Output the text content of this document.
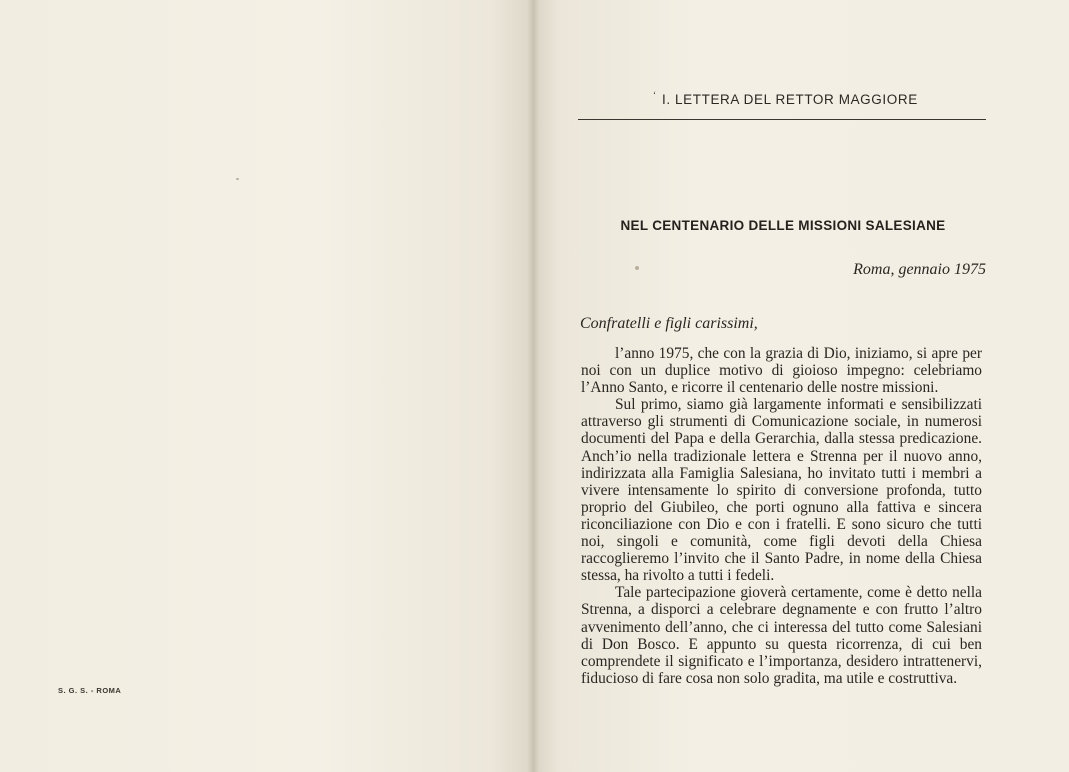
S. G. S. - ROMA
‘ I. LETTERA DEL RETTOR MAGGIORE
NEL CENTENARIO DELLE MISSIONI SALESIANE
Roma, gennaio 1975
Confratelli e figli carissimi,

l’anno 1975, che con la grazia di Dio, iniziamo, si apre per noi con un duplice motivo di gioioso impegno: celebriamo l’Anno Santo, e ricorre il centenario delle nostre missioni.

Sul primo, siamo già largamente informati e sensibilizzati attraverso gli strumenti di Comunicazione sociale, in numerosi documenti del Papa e della Gerarchia, dalla stessa predicazione. Anch’io nella tradizionale lettera e Strenna per il nuovo anno, indirizzata alla Famiglia Salesiana, ho invitato tutti i membri a vivere intensamente lo spirito di conversione profonda, tutto proprio del Giubileo, che porti ognuno alla fattiva e sincera riconciliazione con Dio e con i fratelli. E sono sicuro che tutti noi, singoli e comunità, come figli devoti della Chiesa raccoglieremo l’invito che il Santo Padre, in nome della Chiesa stessa, ha rivolto a tutti i fedeli.

Tale partecipazione gioverà certamente, come è detto nella Strenna, a disporci a celebrare degnamente e con frutto l’altro avvenimento dell’anno, che ci interessa del tutto come Salesiani di Don Bosco. E appunto su questa ricorrenza, di cui ben comprendete il significato e l’importanza, desidero intrattenervi, fiducioso di fare cosa non solo gradita, ma utile e costruttiva.
